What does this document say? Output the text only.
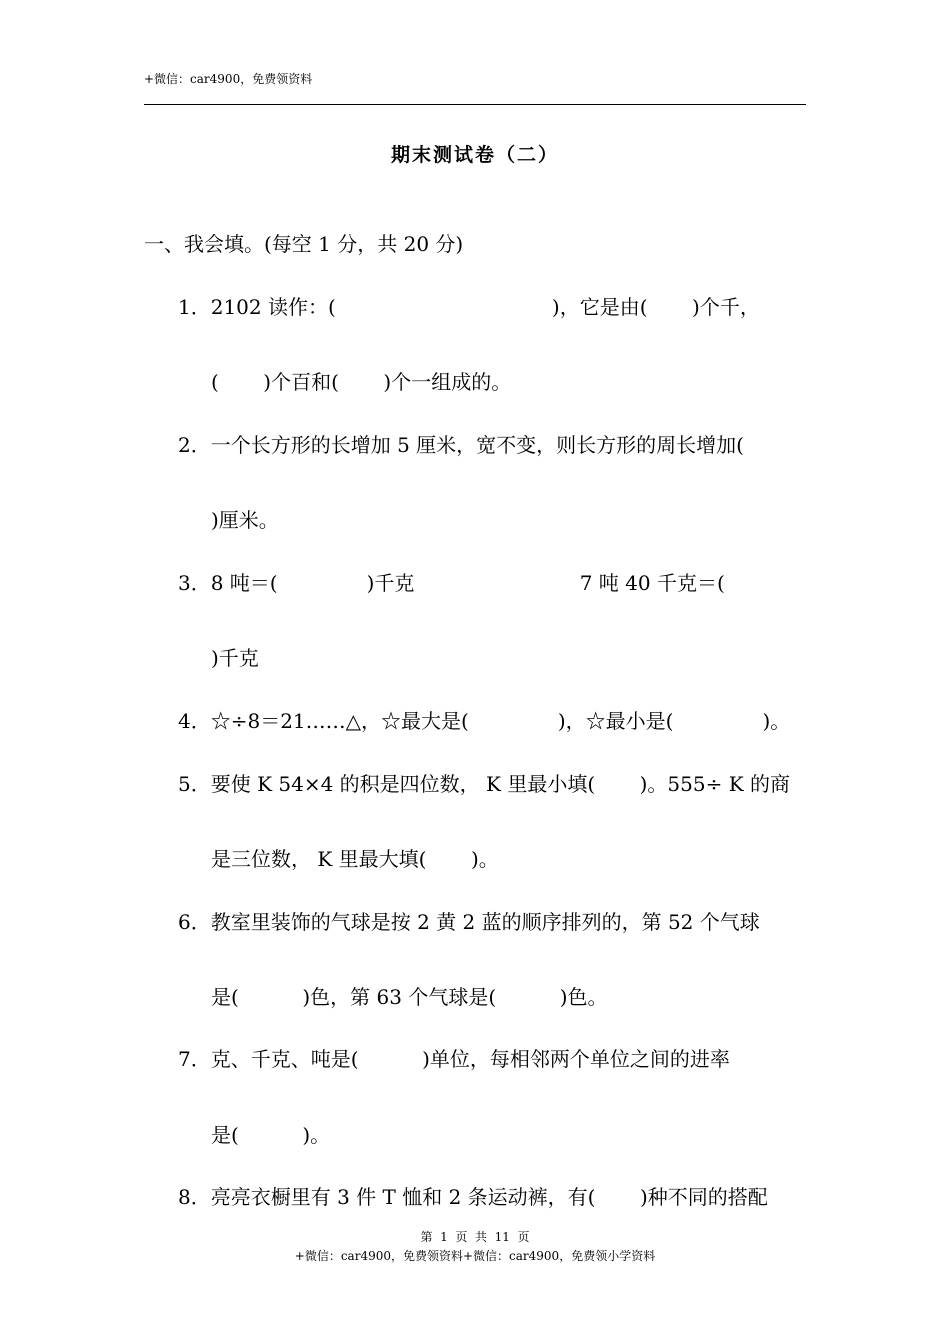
+微信：car4900，免费领资料
期末测试卷（二）
一、我会填。(每空 1 分，共 20 分)
1．2102 读作：(                                  )，它是由(       )个千，
(       )个百和(       )个一组成的。
2．一个长方形的长增加 5 厘米，宽不变，则长方形的周长增加(
)厘米。
3．8 吨＝(              )千克                          7 吨 40 千克＝(
)千克
4．☆÷8＝21……△，☆最大是(              )，☆最小是(              )。
5．要使 K 54×4 的积是四位数， K 里最小填(       )。555÷ K 的商
是三位数， K 里最大填(       )。
6．教室里装饰的气球是按 2 黄 2 蓝的顺序排列的，第 52 个气球
是(          )色，第 63 个气球是(          )色。
7．克、千克、吨是(          )单位，每相邻两个单位之间的进率
是(          )。
8．亮亮衣橱里有 3 件 T 恤和 2 条运动裤，有(       )种不同的搭配
第  1  页  共  11  页
+微信：car4900，免费领资料+微信：car4900，免费领小学资料
